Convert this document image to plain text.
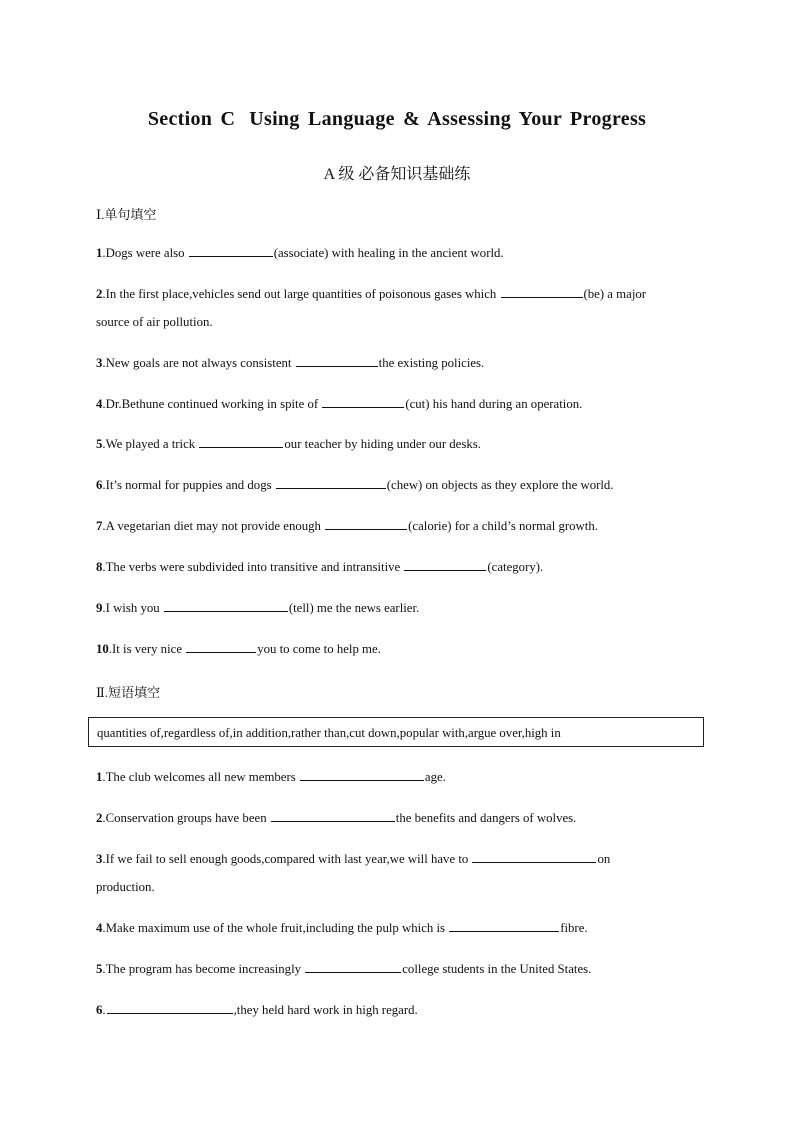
Section C Using Language & Assessing Your Progress
A 级 必备知识基础练
Ⅰ.单句填空
1.Dogs were also	(associate) with healing in the ancient world.
2.In the first place,vehicles send out large quantities of poisonous gases which	(be) a major
source of air pollution.
3.New goals are not always consistent	the existing policies.
4.Dr.Bethune continued working in spite of	(cut) his hand during an operation.
5.We played a trick	our teacher by hiding under our desks.
6.It’s normal for puppies and dogs	(chew) on objects as they explore the world.
7.A vegetarian diet may not provide enough	(calorie) for a child’s normal growth.
8.The verbs were subdivided into transitive and intransitive	(category).
9.I wish you	(tell) me the news earlier.
10.It is very nice	you to come to help me.
Ⅱ.短语填空
quantities of,regardless of,in addition,rather than,cut down,popular with,argue over,high in
1.The club welcomes all new members	age.
2.Conservation groups have been	the benefits and dangers of wolves.
3.If we fail to sell enough goods,compared with last year,we will have to	on
production.
4.Make maximum use of the whole fruit,including the pulp which is	fibre.
5.The program has become increasingly	college students in the United States.
6.	,they held hard work in high regard.
